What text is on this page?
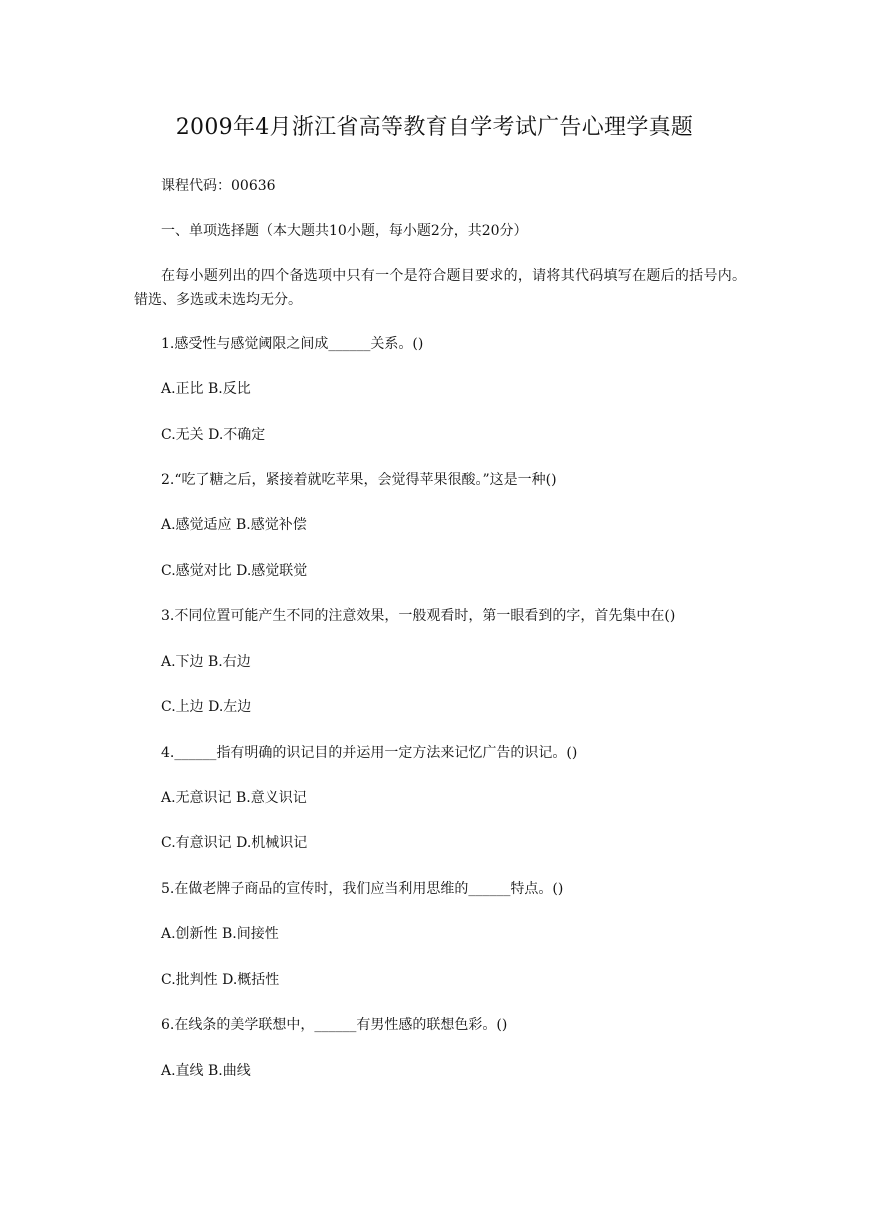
2009年4月浙江省高等教育自学考试广告心理学真题
课程代码：00636
一、单项选择题（本大题共10小题，每小题2分，共20分）
在每小题列出的四个备选项中只有一个是符合题目要求的，请将其代码填写在题后的括号内。错选、多选或未选均无分。
1.感受性与感觉阈限之间成______关系。()
A.正比 B.反比
C.无关 D.不确定
2.“吃了糖之后，紧接着就吃苹果，会觉得苹果很酸。”这是一种()
A.感觉适应 B.感觉补偿
C.感觉对比 D.感觉联觉
3.不同位置可能产生不同的注意效果，一般观看时，第一眼看到的字，首先集中在()
A.下边 B.右边
C.上边 D.左边
4.______指有明确的识记目的并运用一定方法来记忆广告的识记。()
A.无意识记 B.意义识记
C.有意识记 D.机械识记
5.在做老牌子商品的宣传时，我们应当利用思维的______特点。()
A.创新性 B.间接性
C.批判性 D.概括性
6.在线条的美学联想中，______有男性感的联想色彩。()
A.直线 B.曲线
